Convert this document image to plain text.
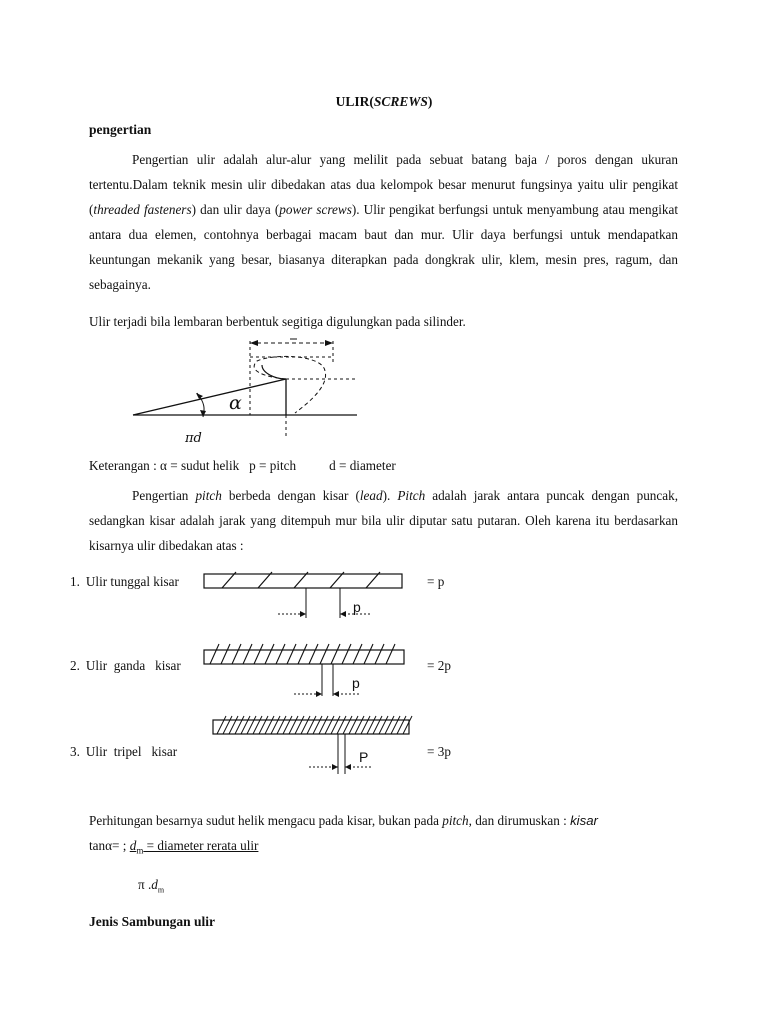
ULIR(SCREWS)
pengertian

Pengertian ulir adalah alur-alur yang melilit pada sebuat batang baja / poros dengan ukuran tertentu.Dalam teknik mesin ulir dibedakan atas dua kelompok besar menurut fungsinya yaitu ulir pengikat (threaded fasteners) dan ulir daya (power screws). Ulir pengikat berfungsi untuk menyambung atau mengikat antara dua elemen, contohnya berbagai macam baut dan mur. Ulir daya berfungsi untuk mendapatkan keuntungan mekanik yang besar, biasanya diterapkan pada dongkrak ulir, klem, mesin pres, ragum, dan sebagainya.

Ulir terjadi bila lembaran berbentuk segitiga digulungkan pada silinder.
α
πd
Keterangan : α = sudut helik   p = pitch          d = diameter

Pengertian pitch berbeda dengan kisar (lead). Pitch adalah jarak antara puncak dengan puncak, sedangkan kisar adalah jarak yang ditempuh mur bila ulir diputar satu putaran. Oleh karena itu berdasarkan kisarnya ulir dibedakan atas :

1. Ulir tunggal kisar	= p
p
2. Ulir  ganda   kisar	= 2p
p
3. Ulir  tripel   kisar	= 3p
P
Perhitungan besarnya sudut helik mengacu pada kisar, bukan pada pitch, dan dirumuskan : kisar
tanα= ; $d_m$ = diameter rerata ulir
π $.d_m$
Jenis Sambungan ulir
